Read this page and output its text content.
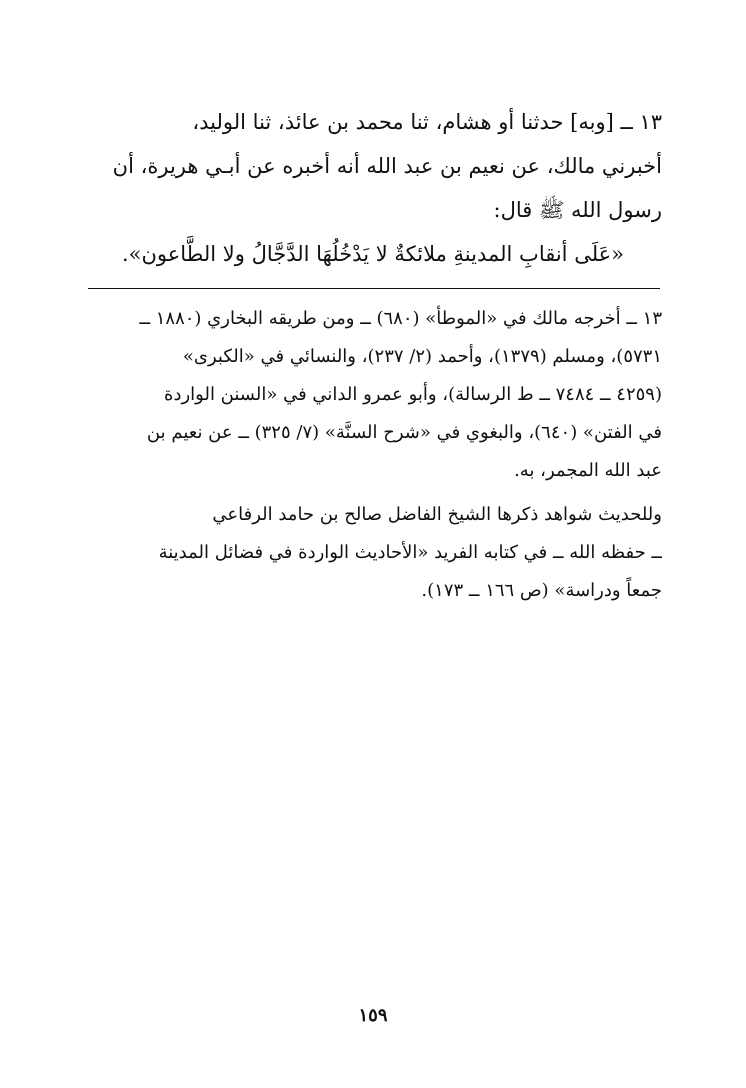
١٣ ــ [وبه] حدثنا أو هشام، ثنا محمد بن عائذ، ثنا الوليد،
أخبرني مالك، عن نعيم بن عبد الله أنه أخبره عن أبـي هريرة، أن
رسول الله ﷺ قال:
«عَلَى أنقابِ المدينةِ ملائكةٌ لا يَدْخُلُهَا الدَّجَّالُ ولا الطَّاعون».
١٣ ــ أخرجه مالك في «الموطأ» (٦٨٠) ــ ومن طريقه البخاري (١٨٨٠ ــ
٥٧٣١)، ومسلم (١٣٧٩)، وأحمد (٢/ ٢٣٧)، والنسائي في «الكبرى»
(٤٢٥٩ ــ ٧٤٨٤ ــ ط الرسالة)، وأبو عمرو الداني في «السنن الواردة
في الفتن» (٦٤٠)، والبغوي في «شرح السنَّة» (٧/ ٣٢٥) ــ عن نعيم بن
عبد الله المجمر، به.
وللحديث شواهد ذكرها الشيخ الفاضل صالح بن حامد الرفاعي
ــ حفظه الله ــ في كتابه الفريد «الأحاديث الواردة في فضائل المدينة
جمعاً ودراسة» (ص ١٦٦ ــ ١٧٣).
١٥٩
